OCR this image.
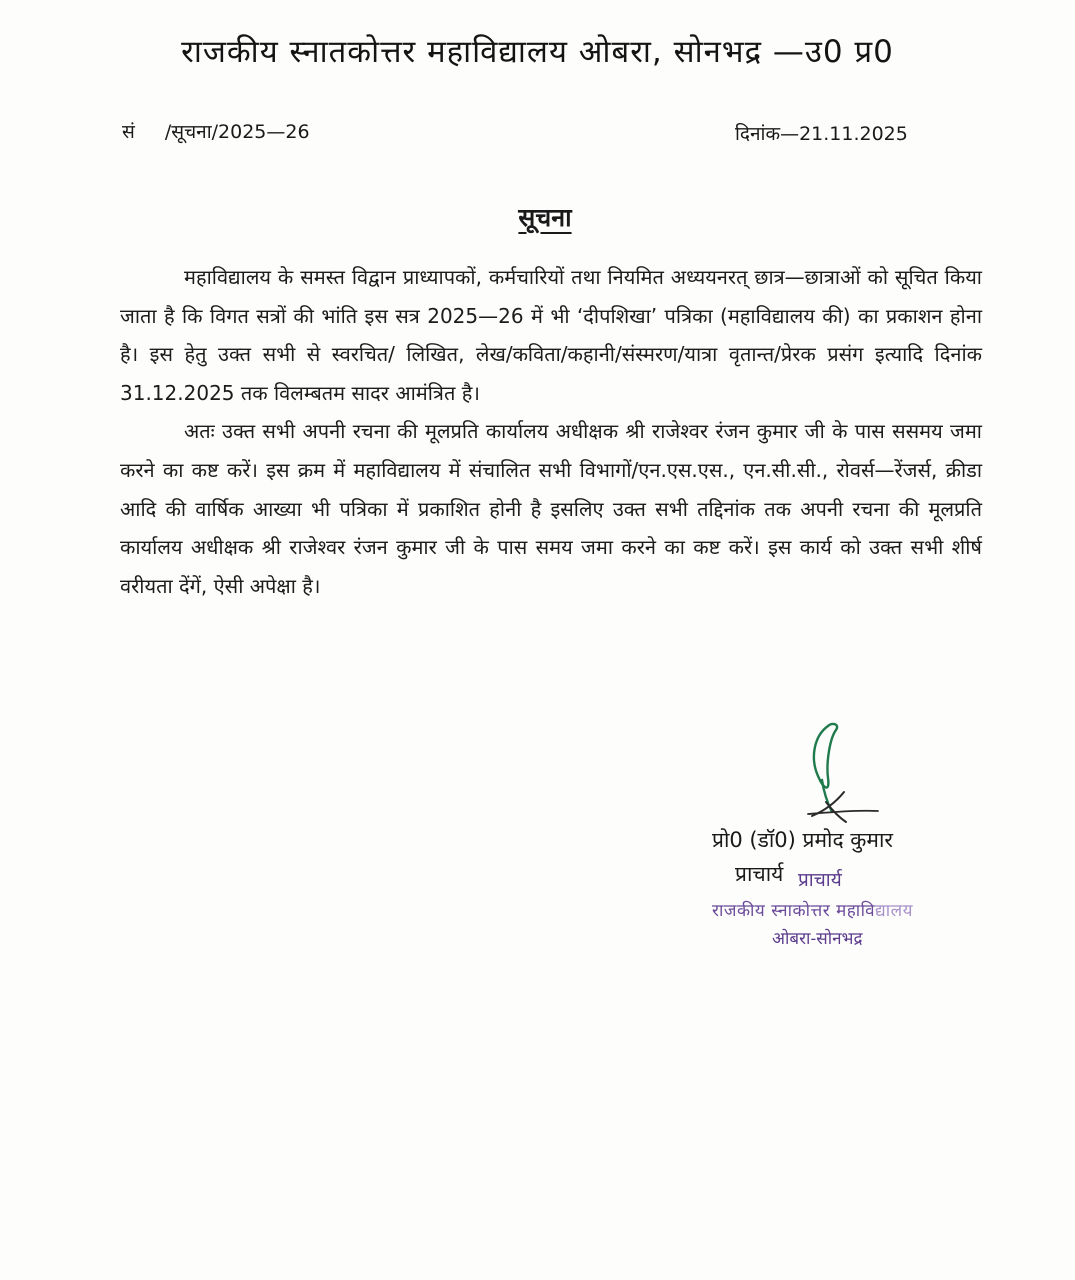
राजकीय स्नातकोत्तर महाविद्यालय ओबरा, सोनभद्र —उ0 प्र0
सं /सूचना/2025—26	दिनांक—21.11.2025
सूचना

महाविद्यालय के समस्त विद्वान प्राध्यापकों, कर्मचारियों तथा नियमित अध्ययनरत् छात्र—छात्राओं को सूचित किया जाता है कि विगत सत्रों की भांति इस सत्र 2025—26 में भी ‘दीपशिखा’ पत्रिका (महाविद्यालय की) का प्रकाशन होना है। इस हेतु उक्त सभी से स्वरचित/ लिखित, लेख/कविता/कहानी/संस्मरण/यात्रा वृतान्त/प्रेरक प्रसंग इत्यादि दिनांक 31.12.2025 तक विलम्बतम सादर आमंत्रित है।

अतः उक्त सभी अपनी रचना की मूलप्रति कार्यालय अधीक्षक श्री राजेश्वर रंजन कुमार जी के पास ससमय जमा करने का कष्ट करें। इस क्रम में महाविद्यालय में संचालित सभी विभागों/एन.एस.एस., एन.सी.सी., रोवर्स—रेंजर्स, क्रीडा आदि की वार्षिक आख्या भी पत्रिका में प्रकाशित होनी है इसलिए उक्त सभी तद्दिनांक तक अपनी रचना की मूलप्रति कार्यालय अधीक्षक श्री राजेश्वर रंजन कुमार जी के पास समय जमा करने का कष्ट करें। इस कार्य को उक्त सभी शीर्ष वरीयता देंगें, ऐसी अपेक्षा है।

प्रो0 (डॉ0) प्रमोद कुमार
प्राचार्य प्राचार्य
राजकीय स्नाकोत्तर महाविद्यालय
ओबरा-सोनभद्र
